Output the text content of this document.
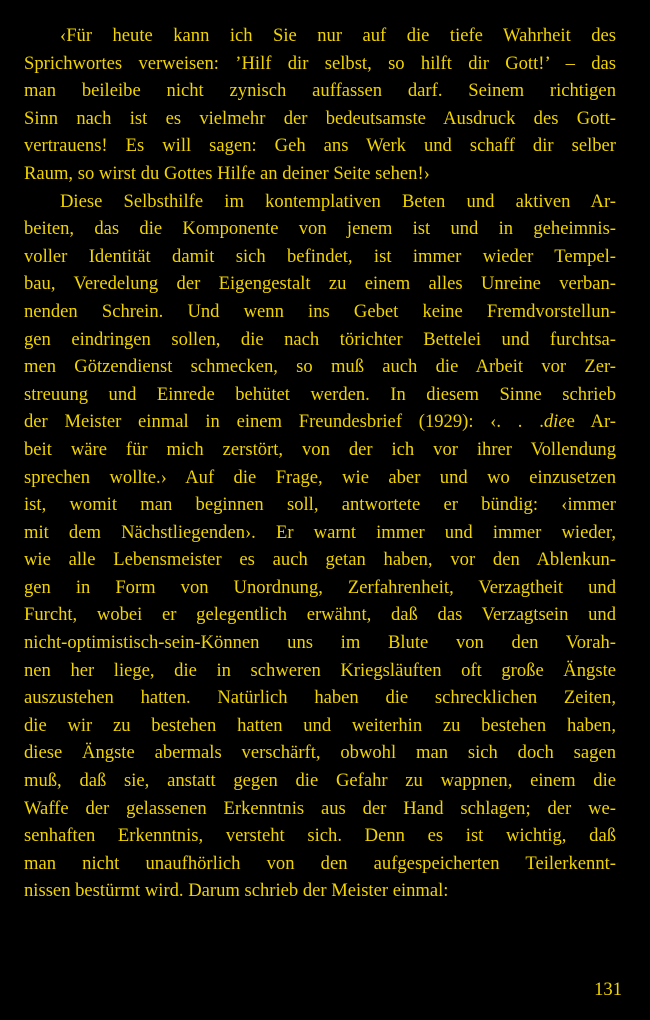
‹Für heute kann ich Sie nur auf die tiefe Wahrheit des
Sprichwortes verweisen: ’Hilf dir selbst, so hilft dir Gott!’ – das
man beileibe nicht zynisch auffassen darf. Seinem richtigen
Sinn nach ist es vielmehr der bedeutsamste Ausdruck des Gott-
vertrauens! Es will sagen: Geh ans Werk und schaff dir selber
Raum, so wirst du Gottes Hilfe an deiner Seite sehen!›
Diese Selbsthilfe im kontemplativen Beten und aktiven Ar-
beiten, das die Komponente von jenem ist und in geheimnis-
voller Identität damit sich befindet, ist immer wieder Tempel-
bau, Veredelung der Eigengestalt zu einem alles Unreine verban-
nenden Schrein. Und wenn ins Gebet keine Fremdvorstellun-
gen eindringen sollen, die nach törichter Bettelei und furchtsa-
men Götzendienst schmecken, so muß auch die Arbeit vor Zer-
streuung und Einrede behütet werden. In diesem Sinne schrieb
der Meister einmal in einem Freundesbrief (1929): ‹. . .diee Ar-
beit wäre für mich zerstört, von der ich vor ihrer Vollendung
sprechen wollte.› Auf die Frage, wie aber und wo einzusetzen
ist, womit man beginnen soll, antwortete er bündig: ‹immer
mit dem Nächstliegenden›. Er warnt immer und immer wieder,
wie alle Lebensmeister es auch getan haben, vor den Ablenkun-
gen in Form von Unordnung, Zerfahrenheit, Verzagtheit und
Furcht, wobei er gelegentlich erwähnt, daß das Verzagtsein und
nicht-optimistisch-sein-Können uns im Blute von den Vorah-
nen her liege, die in schweren Kriegsläuften oft große Ängste
auszustehen hatten. Natürlich haben die schrecklichen Zeiten,
die wir zu bestehen hatten und weiterhin zu bestehen haben,
diese Ängste abermals verschärft, obwohl man sich doch sagen
muß, daß sie, anstatt gegen die Gefahr zu wappnen, einem die
Waffe der gelassenen Erkenntnis aus der Hand schlagen; der we-
senhaften Erkenntnis, versteht sich. Denn es ist wichtig, daß
man nicht unaufhörlich von den aufgespeicherten Teilerkennt-
nissen bestürmt wird. Darum schrieb der Meister einmal:
131
